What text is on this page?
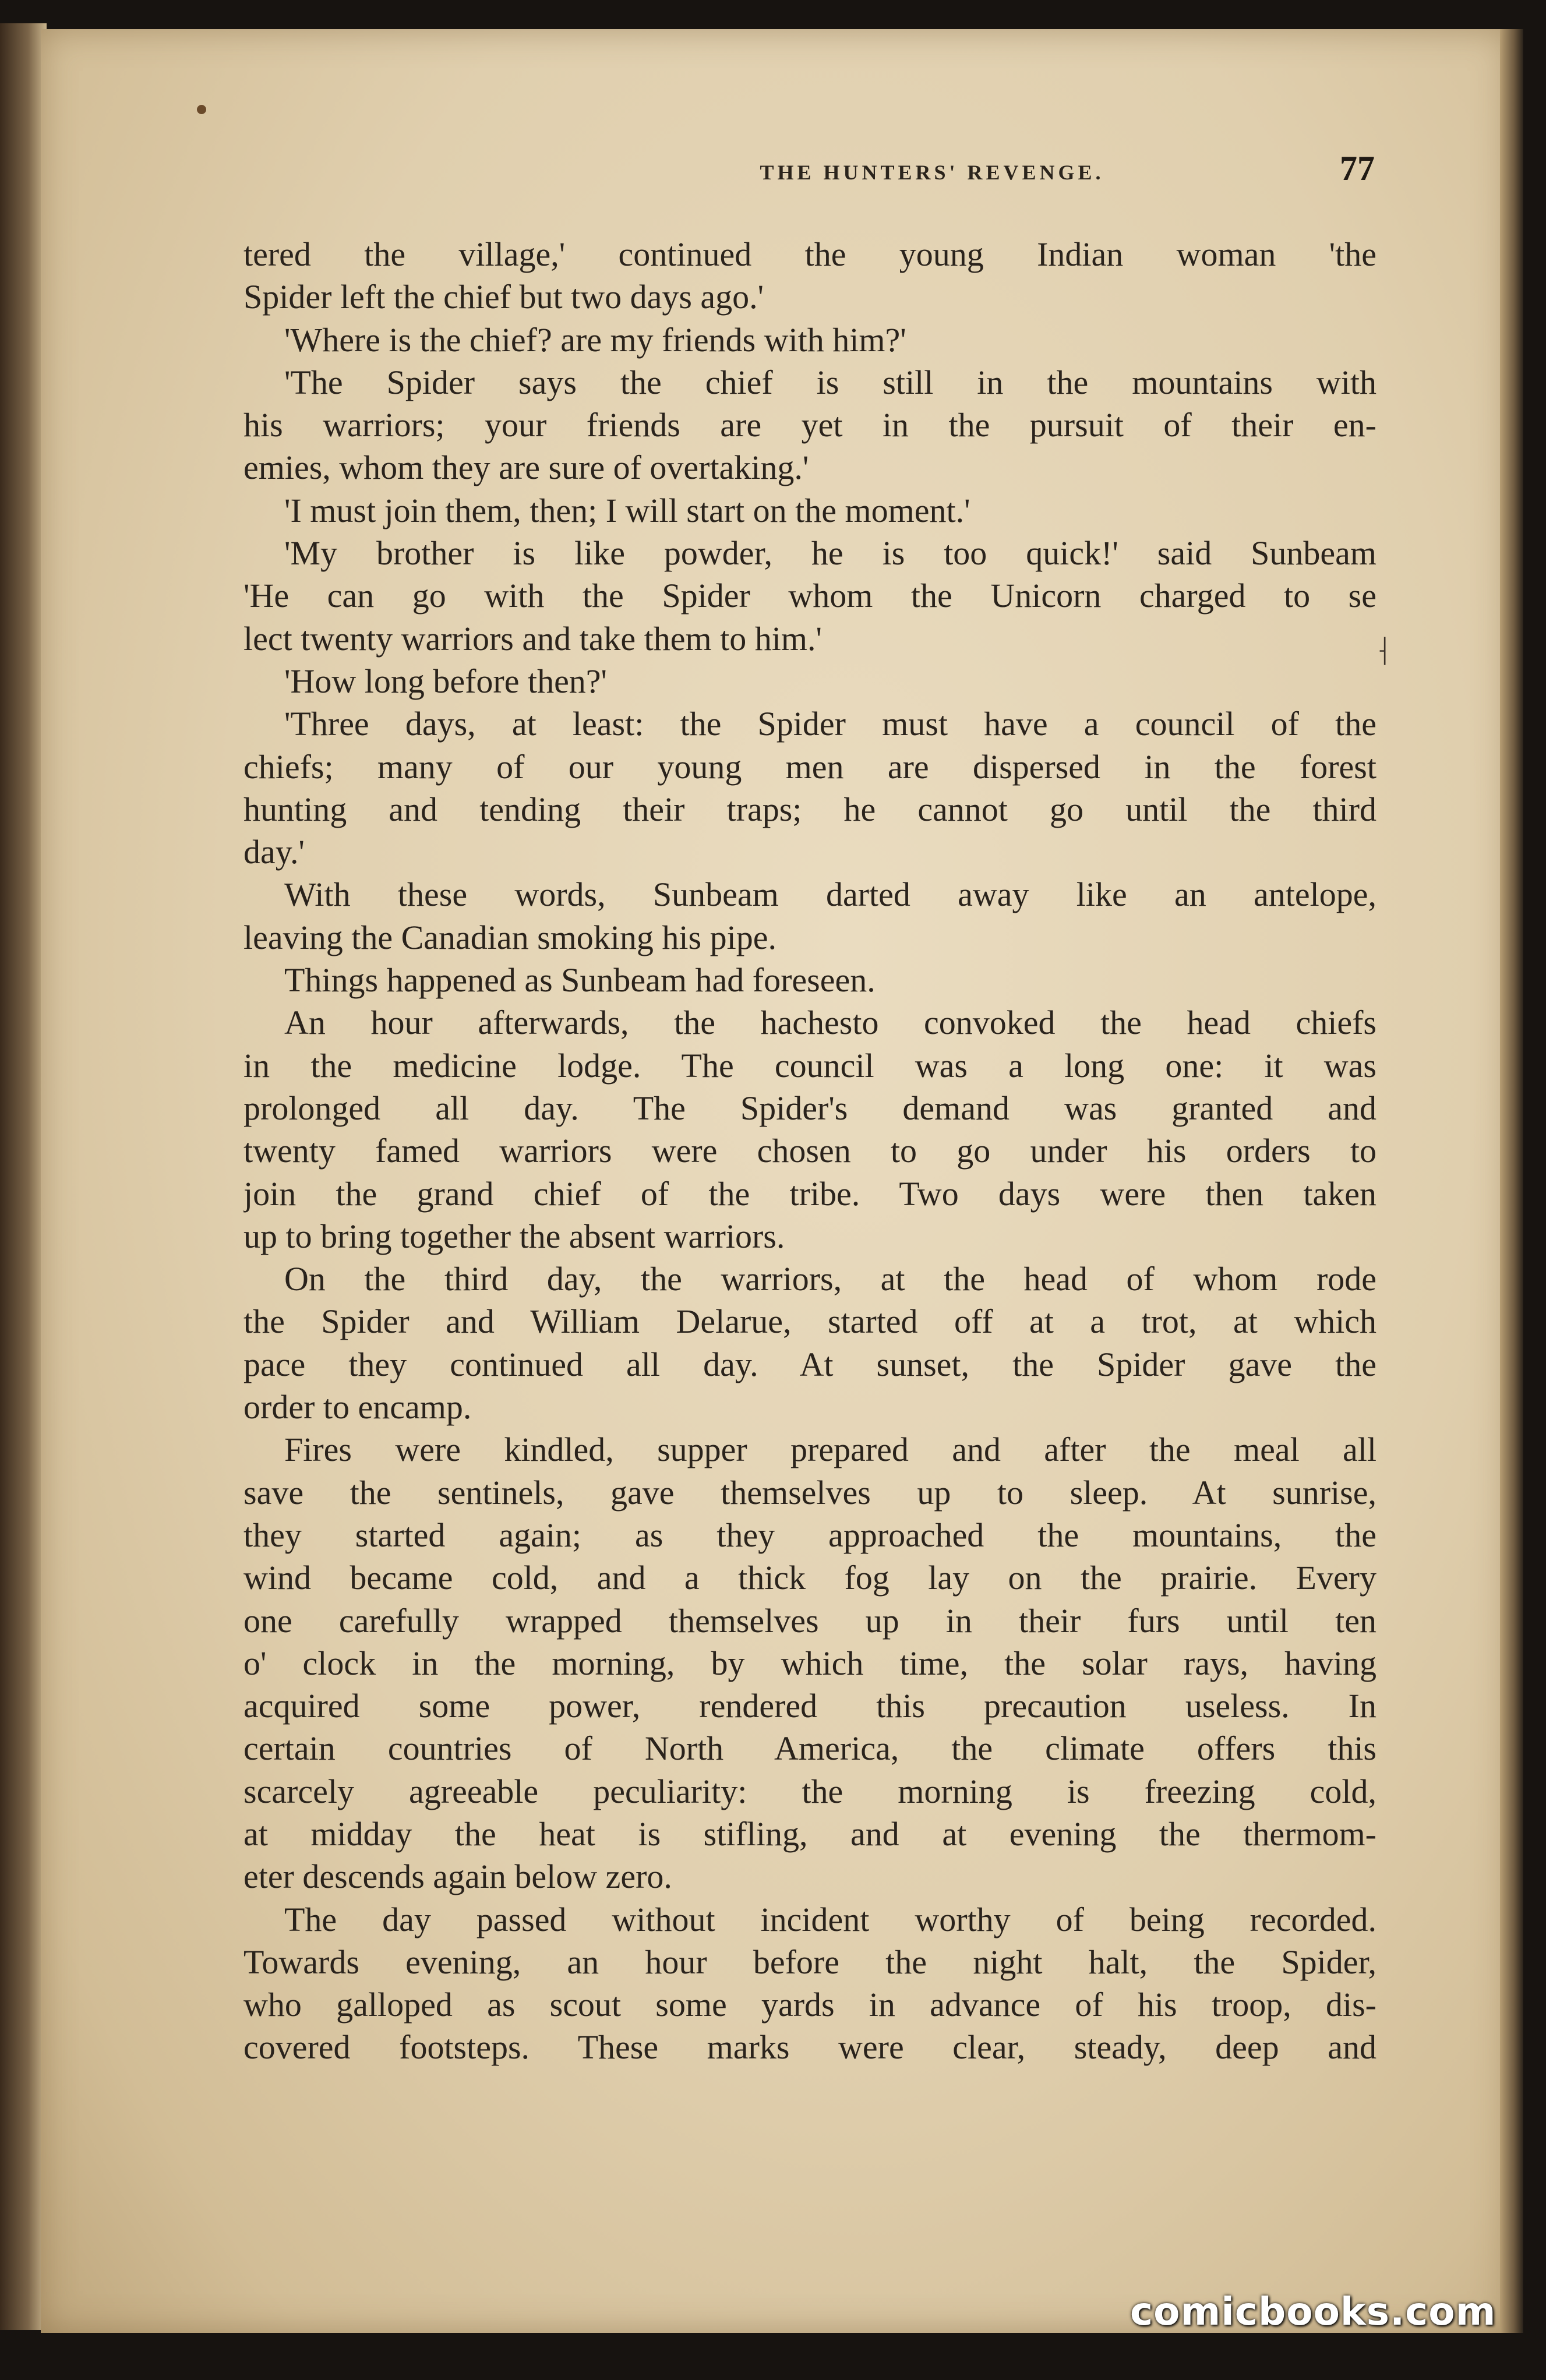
THE HUNTERS' REVENGE.	77
tered the village,' continued the young Indian woman 'the
Spider left the chief but two days ago.'
'Where is the chief? are my friends with him?'
'The Spider says the chief is still in the mountains with
his warriors; your friends are yet in the pursuit of their en-
emies, whom they are sure of overtaking.'
'I must join them, then; I will start on the moment.'
'My brother is like powder, he is too quick!' said Sunbeam
'He can go with the Spider whom the Unicorn charged to se
lect twenty warriors and take them to him.'
'How long before then?'
'Three days, at least: the Spider must have a council of the
chiefs; many of our young men are dispersed in the forest
hunting and tending their traps; he cannot go until the third
day.'
With these words, Sunbeam darted away like an antelope,
leaving the Canadian smoking his pipe.
Things happened as Sunbeam had foreseen.
An hour afterwards, the hachesto convoked the head chiefs
in the medicine lodge. The council was a long one: it was
prolonged all day. The Spider's demand was granted and
twenty famed warriors were chosen to go under his orders to
join the grand chief of the tribe. Two days were then taken
up to bring together the absent warriors.
On the third day, the warriors, at the head of whom rode
the Spider and William Delarue, started off at a trot, at which
pace they continued all day. At sunset, the Spider gave the
order to encamp.
Fires were kindled, supper prepared and after the meal all
save the sentinels, gave themselves up to sleep. At sunrise,
they started again; as they approached the mountains, the
wind became cold, and a thick fog lay on the prairie. Every
one carefully wrapped themselves up in their furs until ten
o' clock in the morning, by which time, the solar rays, having
acquired some power, rendered this precaution useless. In
certain countries of North America, the climate offers this
scarcely agreeable peculiarity: the morning is freezing cold,
at midday the heat is stifling, and at evening the thermom-
eter descends again below zero.
The day passed without incident worthy of being recorded.
Towards evening, an hour before the night halt, the Spider,
who galloped as scout some yards in advance of his troop, dis-
covered footsteps. These marks were clear, steady, deep and
⸡
comicbooks.com
